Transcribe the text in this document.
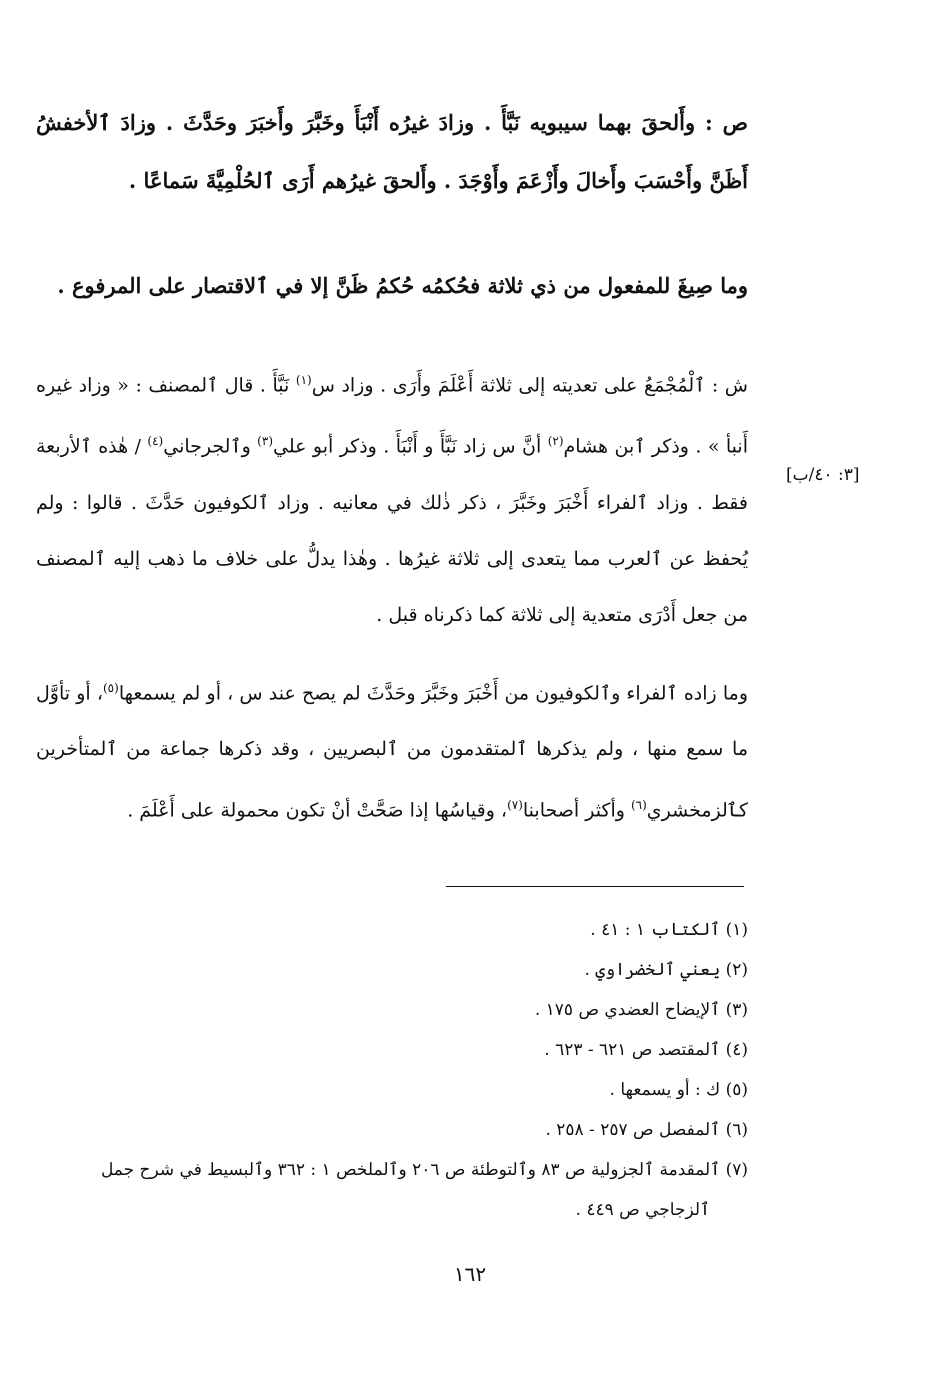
ص : وأَلحقَ بهما سيبويه نَبَّأَ . وزادَ غيرُه أَنْبَأَ وخَبَّرَ وأَخبَرَ وحَدَّثَ . وزادَ ٱلأخفشُ أَظَنَّ وأَحْسَبَ وأَخالَ وأَزْعَمَ وأَوْجَدَ . وأَلحقَ غيرُهم أَرَى ٱلحُلْمِيَّةَ سَماعًا .

وما صِيغَ للمفعول من ذي ثلاثة فحُكمُه حُكمُ ظَنَّ إلا في ٱلاقتصار على المرفوع .

ش : ٱلْمُجْمَعُ على تعديته إلى ثلاثة أَعْلَمَ وأَرَى . وزاد س$^{(١)}$ نَبَّأَ . قال ٱلمصنف : « وزاد غيره أَنبأ » . وذكر ٱبن هشام$^{(٢)}$ أنَّ س زاد نَبَّأَ و أَنْبَأَ . وذكر أبو علي$^{(٣)}$ وٱلجرجاني$^{(٤)}$ / هٰذه ٱلأربعة فقط . وزاد ٱلفراء أَخْبَرَ وخَبَّرَ ، ذكر ذٰلك في معانيه . وزاد ٱلكوفيون حَدَّثَ . قالوا : ولم يُحفظ عن ٱلعرب مما يتعدى إلى ثلاثة غيرُها . وهٰذا يدلُّ على خلاف ما ذهب إليه ٱلمصنف من جعل أَدْرَى متعدية إلى ثلاثة كما ذكرناه قبل .

[٣: ٤٠/ب]

وما زاده ٱلفراء وٱلكوفيون من أَخْبَرَ وخَبَّرَ وحَدَّثَ لم يصح عند س ، أو لم يسمعها$^{(٥)}$، أو تأوَّل ما سمع منها ، ولم يذكرها ٱلمتقدمون من ٱلبصريين ، وقد ذكرها جماعة من ٱلمتأخرين كٱلزمخشري$^{(٦)}$ وأكثر أصحابنا$^{(٧)}$، وقياسُها إذا صَحَّتْ أنْ تكون محمولة على أَعْلَمَ .

(١) ٱلكتاب ١ : ٤١ .
(٢) يعني ٱلخضراوي .
(٣) ٱلإيضاح العضدي ص ١٧٥ .
(٤) ٱلمقتصد ص ٦٢١ - ٦٢٣ .
(٥) ك : أو يسمعها .
(٦) ٱلمفصل ص ٢٥٧ - ٢٥٨ .
(٧) ٱلمقدمة ٱلجزولية ص ٨٣ وٱلتوطئة ص ٢٠٦ وٱلملخص ١ : ٣٦٢ وٱلبسيط في شرح جمل
ٱلزجاجي ص ٤٤٩ .
١٦٢
